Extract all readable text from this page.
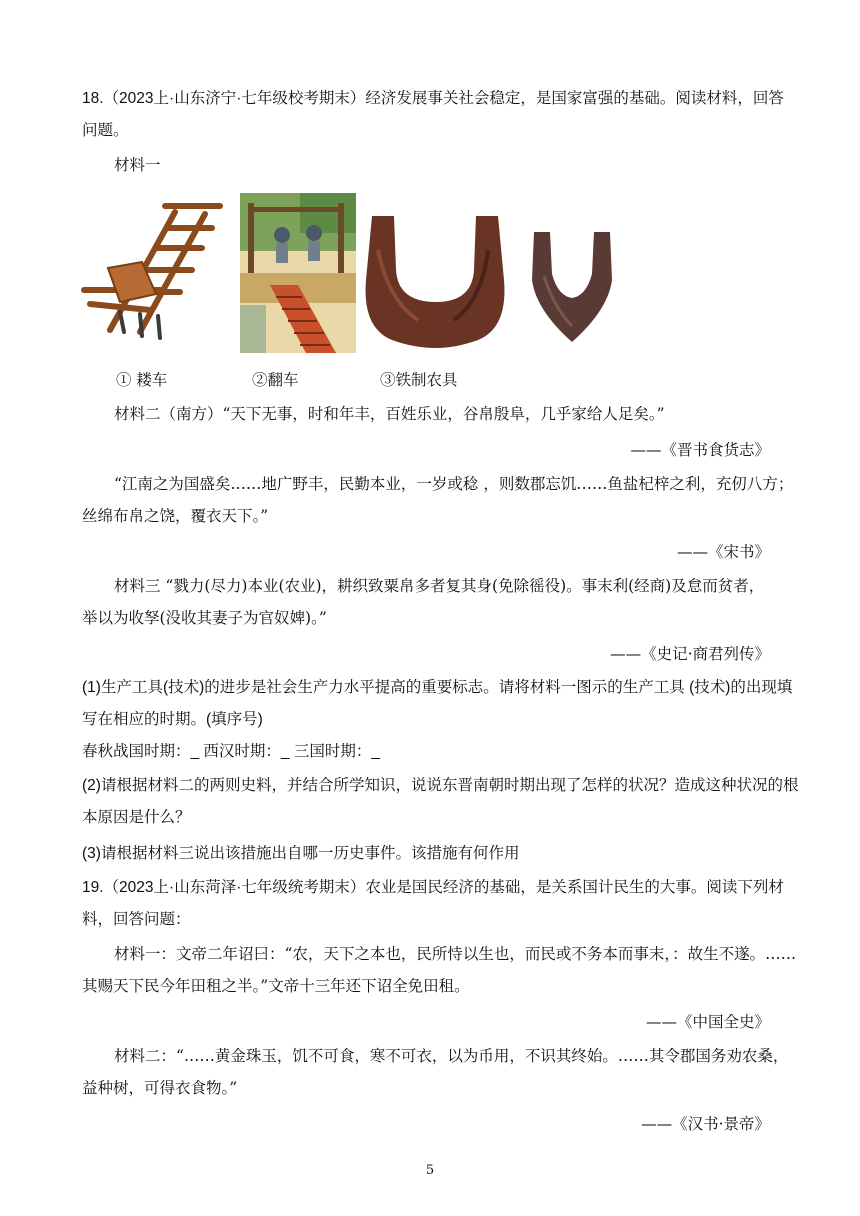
18.（2023上·山东济宁·七年级校考期末）经济发展事关社会稳定，是国家富强的基础。阅读材料，回答
问题。
材料一
① 耧车	②翻车	③铁制农具
材料二（南方）“天下无事，时和年丰，百姓乐业，谷帛殷阜，几乎家给人足矣。”
——《晋书食货志》
“江南之为国盛矣……地广野丰，民勤本业，一岁或稔 ，则数郡忘饥……鱼盐杞梓之利，充仞八方；
丝绵布帛之饶，覆衣天下。”
——《宋书》
材料三 “戮力(尽力)本业(农业)，耕织致粟帛多者复其身(免除徭役)。事末利(经商)及怠而贫者，
举以为收孥(没收其妻子为官奴婢)。”
——《史记·商君列传》
(1)生产工具(技术)的进步是社会生产力水平提高的重要标志。请将材料一图示的生产工具 (技术)的出现填
写在相应的时期。(填序号)
春秋战国时期：_ 西汉时期：_ 三国时期：_
(2)请根据材料二的两则史料，并结合所学知识，说说东晋南朝时期出现了怎样的状况？造成这种状况的根
本原因是什么？
(3)请根据材料三说出该措施出自哪一历史事件。该措施有何作用
19.（2023上·山东菏泽·七年级统考期末）农业是国民经济的基础，是关系国计民生的大事。阅读下列材
料，回答问题：
材料一：文帝二年诏曰：“农，天下之本也，民所恃以生也，而民或不务本而事末，：故生不遂。……
其赐天下民今年田租之半。”文帝十三年还下诏全免田租。
——《中国全史》
材料二：“……黄金珠玉，饥不可食，寒不可衣，以为币用，不识其终始。……其令郡国务劝农桑，
益种树，可得衣食物。”
——《汉书·景帝》
5
